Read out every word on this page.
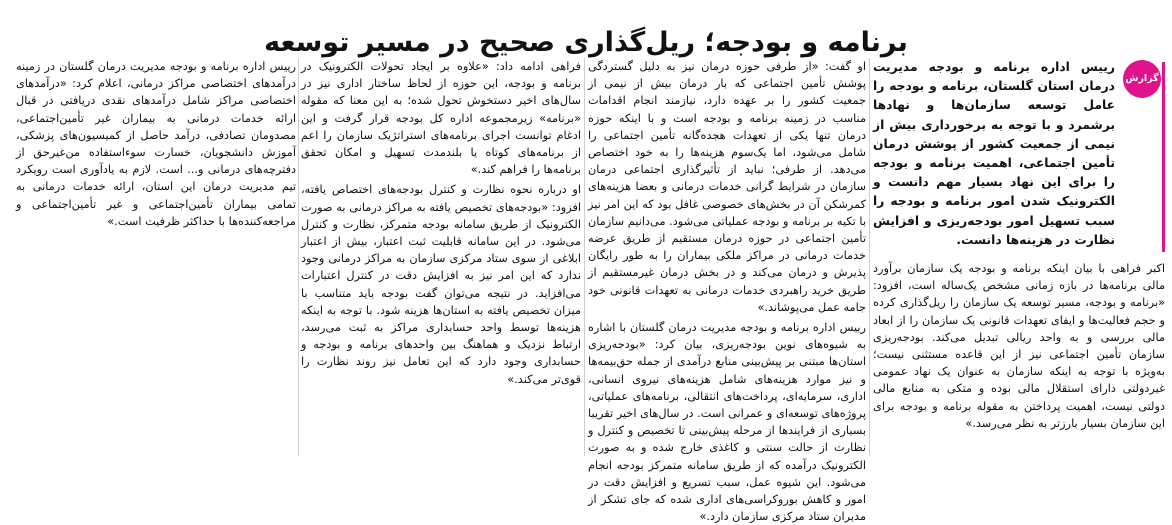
برنامه و بودجه؛ ریل‌گذاری صحیح در مسیر توسعه
گزارش
رییس اداره برنامه و بودجه مدیریت درمان استان گلستان، برنامه و بودجه را عامل توسعه سازمان‌ها و نهادها برشمرد و با توجه به برخورداری بیش از نیمی از جمعیت کشور از پوشش درمان تأمین اجتماعی، اهمیت برنامه و بودجه را برای این نهاد بسیار مهم دانست و الکترونیک شدن امور برنامه و بودجه را سبب تسهیل امور بودجه‌ریزی و افزایش نظارت در هزینه‌ها دانست.

اکبر فراهی با بیان اینکه برنامه و بودجه یک سازمان برآورد مالی برنامه‌ها در بازه زمانی مشخص یک‌ساله است، افزود: «برنامه و بودجه، مسیر توسعه یک سازمان را ریل‌گذاری کرده و حجم فعالیت‌ها و ایفای تعهدات قانونی یک سازمان را از ابعاد مالی بررسی و به واحد ریالی تبدیل می‌کند. بودجه‌ریزی سازمان تأمین اجتماعی نیز از این قاعده مستثنی نیست؛ به‌ویژه با توجه به اینکه سازمان به عنوان یک نهاد عمومی غیردولتی دارای استقلال مالی بوده و متکی به منابع مالی دولتی نیست، اهمیت پرداختن به مقوله برنامه و بودجه برای این سازمان بسیار بارزتر به نظر می‌رسد.»

او گفت: «از طرفی حوزه درمان نیز به دلیل گستردگی پوشش تأمین اجتماعی که بار درمان بیش از نیمی از جمعیت کشور را بر عهده دارد، نیازمند انجام اقدامات مناسب در زمینه برنامه و بودجه است و با اینکه حوزه درمان تنها یکی از تعهدات هجده‌گانه تأمین اجتماعی را شامل می‌شود، اما یک‌سوم هزینه‌ها را به خود اختصاص می‌دهد. از طرفی؛ نباید از تأثیرگذاری اجتماعی درمان سازمان در شرایط گرانی خدمات درمانی و بعضا هزینه‌های کمرشکن آن در بخش‌های خصوصی غافل بود که این امر نیز با تکیه بر برنامه و بودجه عملیاتی می‌شود. می‌دانیم سازمان تأمین اجتماعی در حوزه درمان مستقیم از طریق عرضه خدمات درمانی در مراکز ملکی بیماران را به طور رایگان پذیرش و درمان می‌کند و در بخش درمان غیرمستقیم از طریق خرید راهبردی خدمات درمانی به تعهدات قانونی خود جامه عمل می‌پوشاند.»

رییس اداره برنامه و بودجه مدیریت درمان گلستان با اشاره به شیوه‌های نوین بودجه‌ریزی، بیان کرد: «بودجه‌ریزی استان‌ها مبتنی بر پیش‌بینی منابع درآمدی از جمله حق‌بیمه‌ها و نیز موارد هزینه‌های شامل هزینه‌های نیروی انسانی، اداری، سرمایه‌ای، پرداخت‌های انتقالی، برنامه‌های عملیاتی، پروژه‌های توسعه‌ای و عمرانی است. در سال‌های اخیر تقریبا بسیاری از فرایندها از مرحله پیش‌بینی تا تخصیص و کنترل و نظارت از حالت سنتی و کاغذی خارج شده و به صورت الکترونیک درآمده که از طریق سامانه متمرکز بودجه انجام می‌شود. این شیوه عمل، سبب تسریع و افزایش دقت در امور و کاهش بوروکراسی‌های اداری شده که جای تشکر از مدیران ستاد مرکزی سازمان دارد.»

فراهی ادامه داد: «علاوه بر ایجاد تحولات الکترونیک در برنامه و بودجه، این حوزه از لحاظ ساختار اداری نیز در سال‌های اخیر دستخوش تحول شده؛ به این معنا که مقوله «برنامه» زیرمجموعه اداره کل بودجه قرار گرفت و این ادغام توانست اجرای برنامه‌های استراتژیک سازمان را اعم از برنامه‌های کوتاه یا بلندمدت تسهیل و امکان تحقق برنامه‌ها را فراهم کند.»

او درباره نحوه نظارت و کنترل بودجه‌های اختصاص یافته، افزود: «بودجه‌های تخصیص یافته به مراکز درمانی به صورت الکترونیک از طریق سامانه بودجه متمرکز، نظارت و کنترل می‌شود. در این سامانه قابلیت ثبت اعتبار، بیش از اعتبار ابلاغی از سوی ستاد مرکزی سازمان به مراکز درمانی وجود ندارد که این امر نیز به افزایش دقت در کنترل اعتبارات می‌افزاید. در نتیجه می‌توان گفت بودجه باید متناسب با میزان تخصیص یافته به استان‌ها هزینه شود. با توجه به اینکه هزینه‌ها توسط واحد حسابداری مراکز به ثبت می‌رسد، ارتباط نزدیک و هماهنگ بین واحدهای برنامه و بودجه و حسابداری وجود دارد که این تعامل نیز روند نظارت را قوی‌تر می‌کند.»

رییس اداره برنامه و بودجه مدیریت درمان گلستان در زمینه درآمدهای اختصاصی مراکز درمانی، اعلام کرد: «درآمدهای اختصاصی مراکز شامل درآمدهای نقدی دریافتی در قبال ارائه خدمات درمانی به بیماران غیر تأمین‌اجتماعی، مصدومان تصادفی، درآمد حاصل از کمیسیون‌های پزشکی، آموزش دانشجویان، خسارت سوءاستفاده من‌غیرحق از دفترچه‌های درمانی و... است. لازم به یادآوری است رویکرد تیم مدیریت درمان این استان، ارائه خدمات درمانی به تمامی بیماران تأمین‌اجتماعی و غیر تأمین‌اجتماعی و مراجعه‌کننده‌ها با حداکثر ظرفیت است.»
